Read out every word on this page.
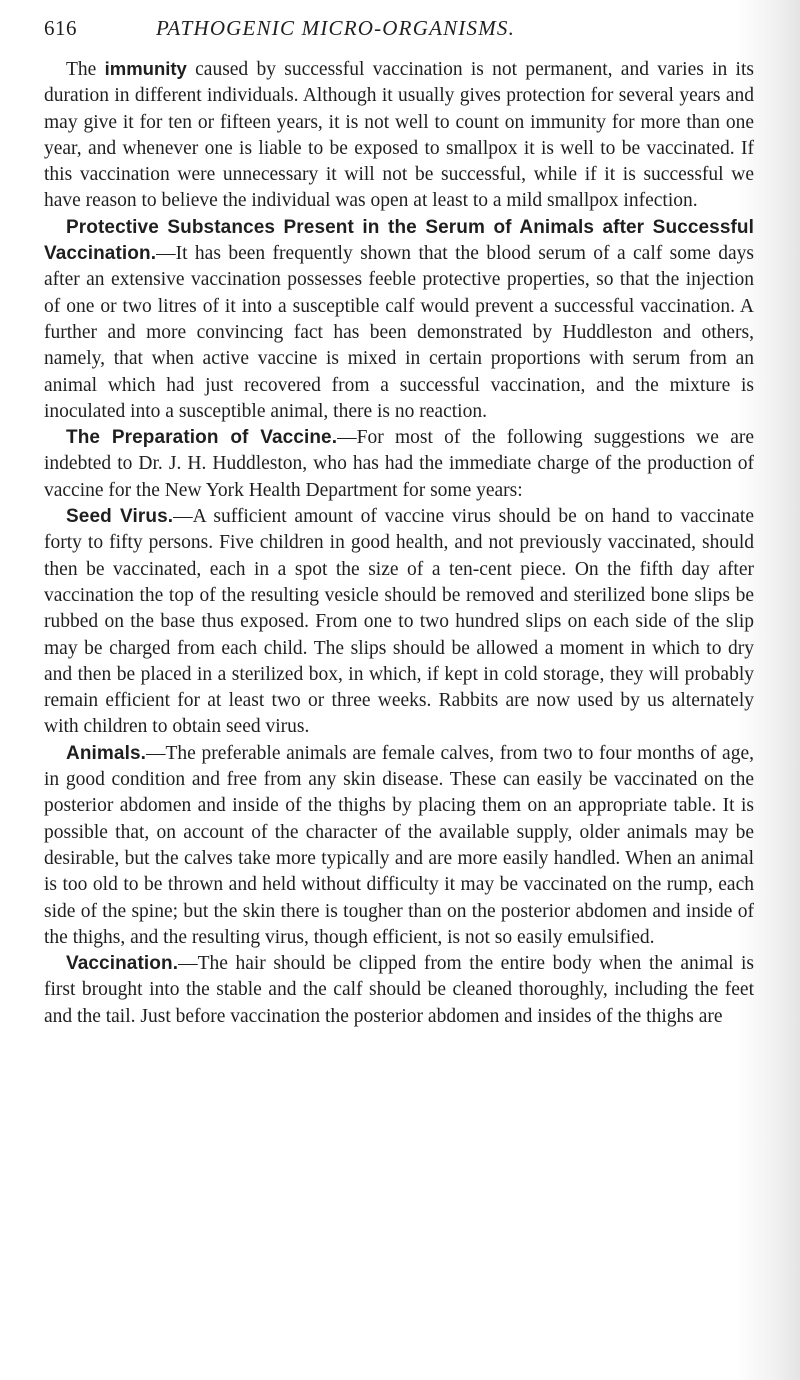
616	PATHOGENIC MICRO-ORGANISMS.

The immunity caused by successful vaccination is not permanent, and varies in its duration in different individuals. Although it usually gives protection for several years and may give it for ten or fifteen years, it is not well to count on immunity for more than one year, and whenever one is liable to be exposed to smallpox it is well to be vaccinated. If this vaccination were unnecessary it will not be successful, while if it is successful we have reason to believe the individual was open at least to a mild smallpox infection.

Protective Substances Present in the Serum of Animals after Successful Vaccination.—It has been frequently shown that the blood serum of a calf some days after an extensive vaccination possesses feeble protective properties, so that the injection of one or two litres of it into a susceptible calf would prevent a successful vaccination. A further and more convincing fact has been demonstrated by Huddleston and others, namely, that when active vaccine is mixed in certain proportions with serum from an animal which had just recovered from a successful vaccination, and the mixture is inoculated into a susceptible animal, there is no reaction.

The Preparation of Vaccine.—For most of the following suggestions we are indebted to Dr. J. H. Huddleston, who has had the immediate charge of the production of vaccine for the New York Health Department for some years:

Seed Virus.—A sufficient amount of vaccine virus should be on hand to vaccinate forty to fifty persons. Five children in good health, and not previously vaccinated, should then be vaccinated, each in a spot the size of a ten-cent piece. On the fifth day after vaccination the top of the resulting vesicle should be removed and sterilized bone slips be rubbed on the base thus exposed. From one to two hundred slips on each side of the slip may be charged from each child. The slips should be allowed a moment in which to dry and then be placed in a sterilized box, in which, if kept in cold storage, they will probably remain efficient for at least two or three weeks. Rabbits are now used by us alternately with children to obtain seed virus.

Animals.—The preferable animals are female calves, from two to four months of age, in good condition and free from any skin disease. These can easily be vaccinated on the posterior abdomen and inside of the thighs by placing them on an appropriate table. It is possible that, on account of the character of the available supply, older animals may be desirable, but the calves take more typically and are more easily handled. When an animal is too old to be thrown and held without difficulty it may be vaccinated on the rump, each side of the spine; but the skin there is tougher than on the posterior abdomen and inside of the thighs, and the resulting virus, though efficient, is not so easily emulsified.

Vaccination.—The hair should be clipped from the entire body when the animal is first brought into the stable and the calf should be cleaned thoroughly, including the feet and the tail. Just before vaccination the posterior abdomen and insides of the thighs are
